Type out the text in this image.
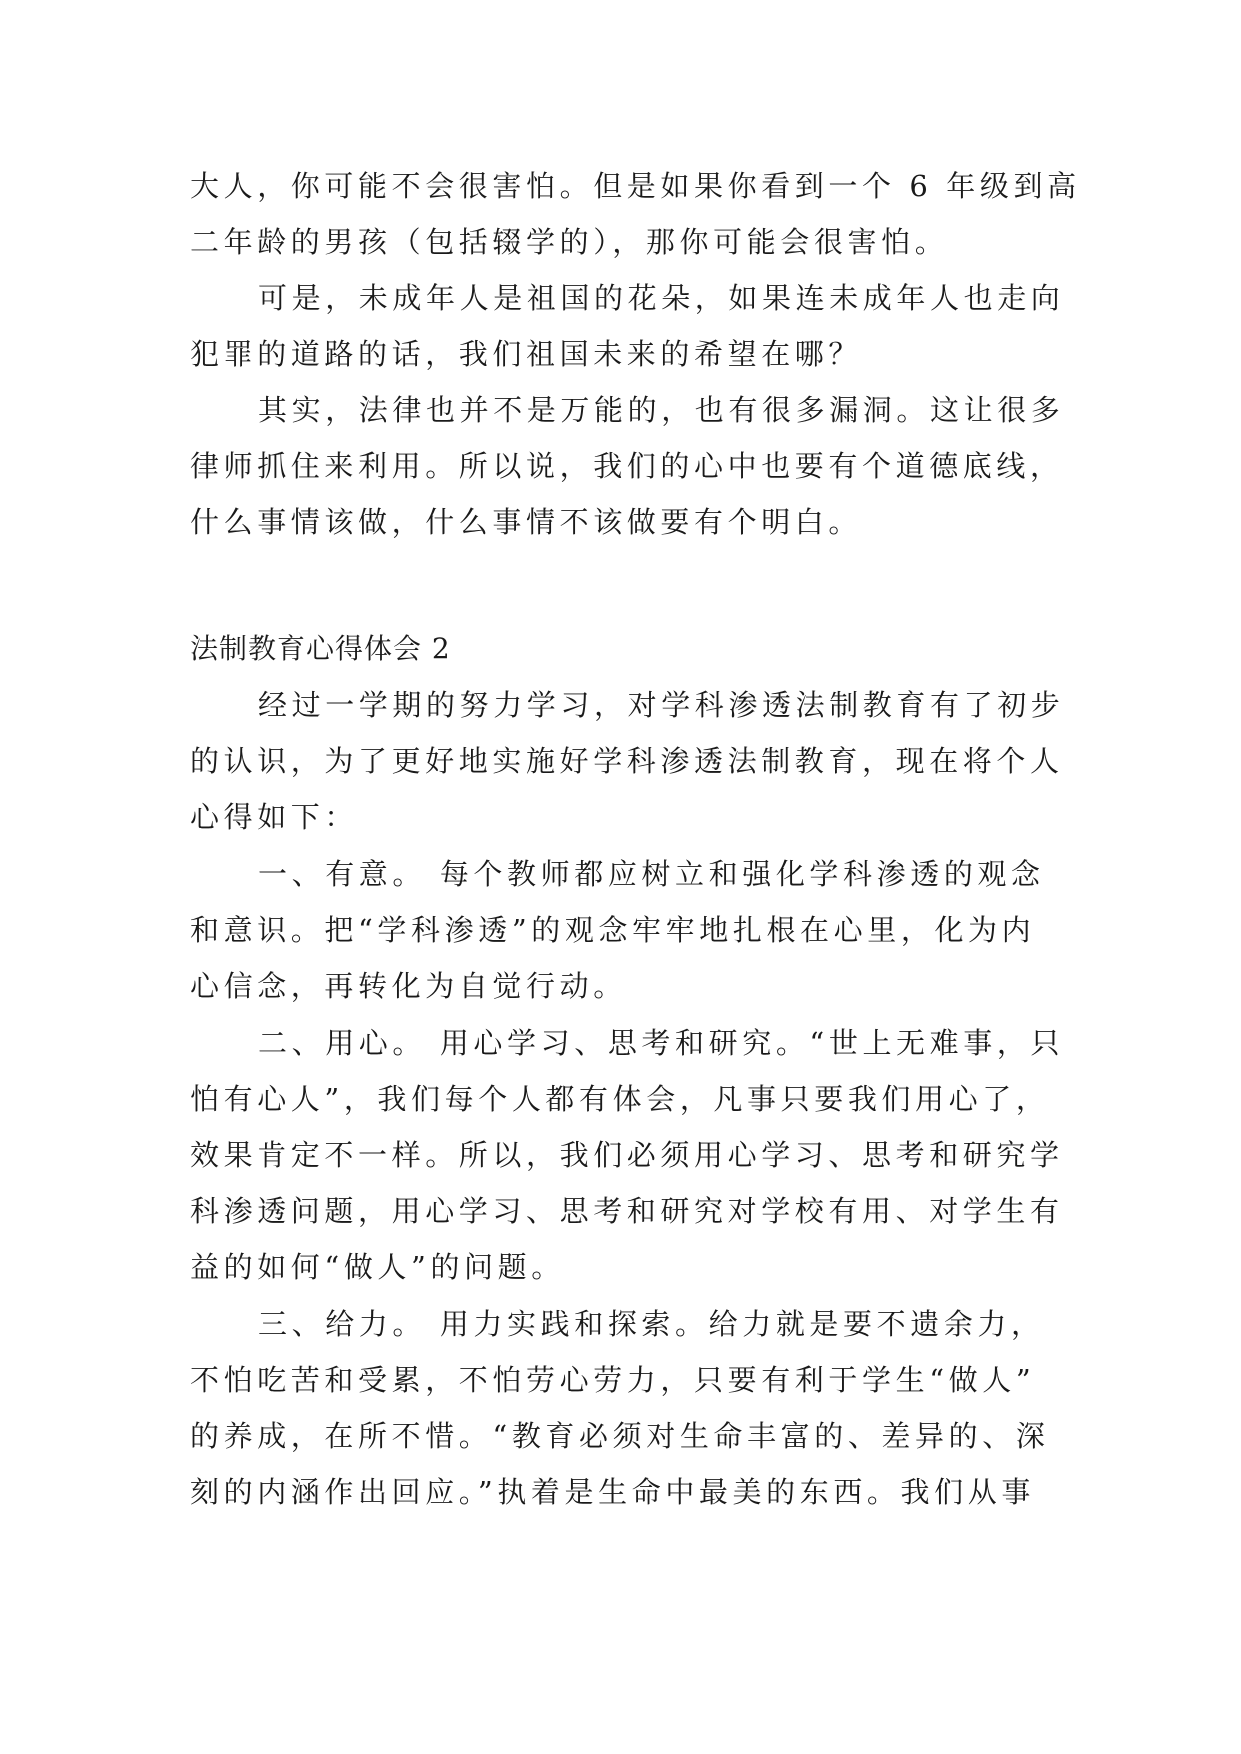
大人，你可能不会很害怕。但是如果你看到一个 6 年级到高
二年龄的男孩（包括辍学的），那你可能会很害怕。
可是，未成年人是祖国的花朵，如果连未成年人也走向
犯罪的道路的话，我们祖国未来的希望在哪？
其实，法律也并不是万能的，也有很多漏洞。这让很多
律师抓住来利用。所以说，我们的心中也要有个道德底线，
什么事情该做，什么事情不该做要有个明白。
法制教育心得体会 2
经过一学期的努力学习，对学科渗透法制教育有了初步
的认识，为了更好地实施好学科渗透法制教育，现在将个人
心得如下：
一、有意。 每个教师都应树立和强化学科渗透的观念
和意识。把“学科渗透”的观念牢牢地扎根在心里，化为内
心信念，再转化为自觉行动。
二、用心。 用心学习、思考和研究。“世上无难事，只
怕有心人”，我们每个人都有体会，凡事只要我们用心了，
效果肯定不一样。所以，我们必须用心学习、思考和研究学
科渗透问题，用心学习、思考和研究对学校有用、对学生有
益的如何“做人”的问题。
三、给力。 用力实践和探索。给力就是要不遗余力，
不怕吃苦和受累，不怕劳心劳力，只要有利于学生“做人”
的养成，在所不惜。“教育必须对生命丰富的、差异的、深
刻的内涵作出回应。”执着是生命中最美的东西。我们从事
